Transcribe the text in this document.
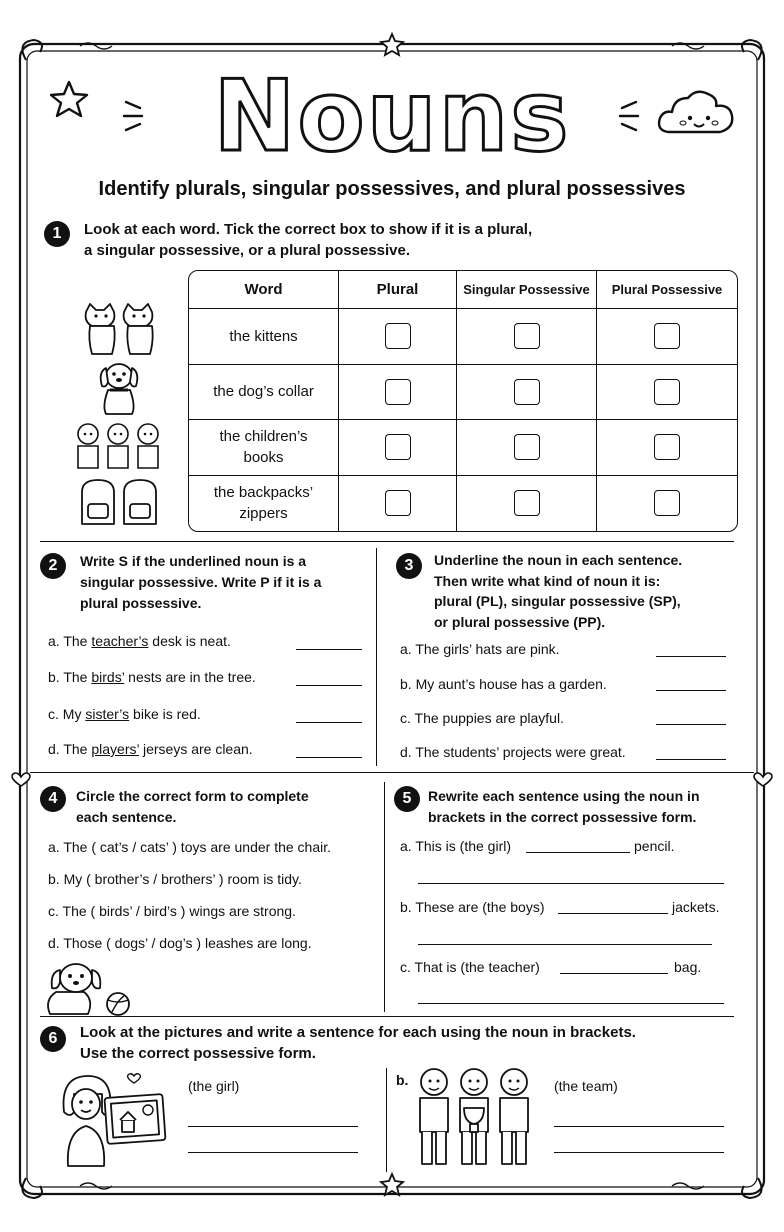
Nouns
Identify plurals, singular possessives, and plural possessives
1	Look at each word. Tick the correct box to show if it is a plural,
a singular possessive, or a plural possessive.
Word	Plural	Singular Possessive	Plural Possessive

the kittens			

the dog’s collar			

the children’s
books			

the backpacks’
zippers			

2	Write S if the underlined noun is a
singular possessive. Write P if it is a
plural possessive.
a. The teacher’s desk is neat.
b. The birds’ nests are in the tree.
c. My sister’s bike is red.
d. The players’ jerseys are clean.
3	Underline the noun in each sentence.
Then write what kind of noun it is:
plural (PL), singular possessive (SP),
or plural possessive (PP).
a. The girls’ hats are pink.
b. My aunt’s house has a garden.
c. The puppies are playful.
d. The students’ projects were great.
4	Circle the correct form to complete
each sentence.
a. The ( cat’s / cats’ ) toys are under the chair.
b. My ( brother’s / brothers’ ) room is tidy.
c. The ( birds’ / bird’s ) wings are strong.
d. Those ( dogs’ / dog’s ) leashes are long.
5	Rewrite each sentence using the noun in
brackets in the correct possessive form.
a. This is (the girl)	pencil.
b. These are (the boys)	jackets.
c. That is (the teacher)	bag.
6	Look at the pictures and write a sentence for each using the noun in brackets.
Use the correct possessive form.
(the girl)	b.	(the team)
